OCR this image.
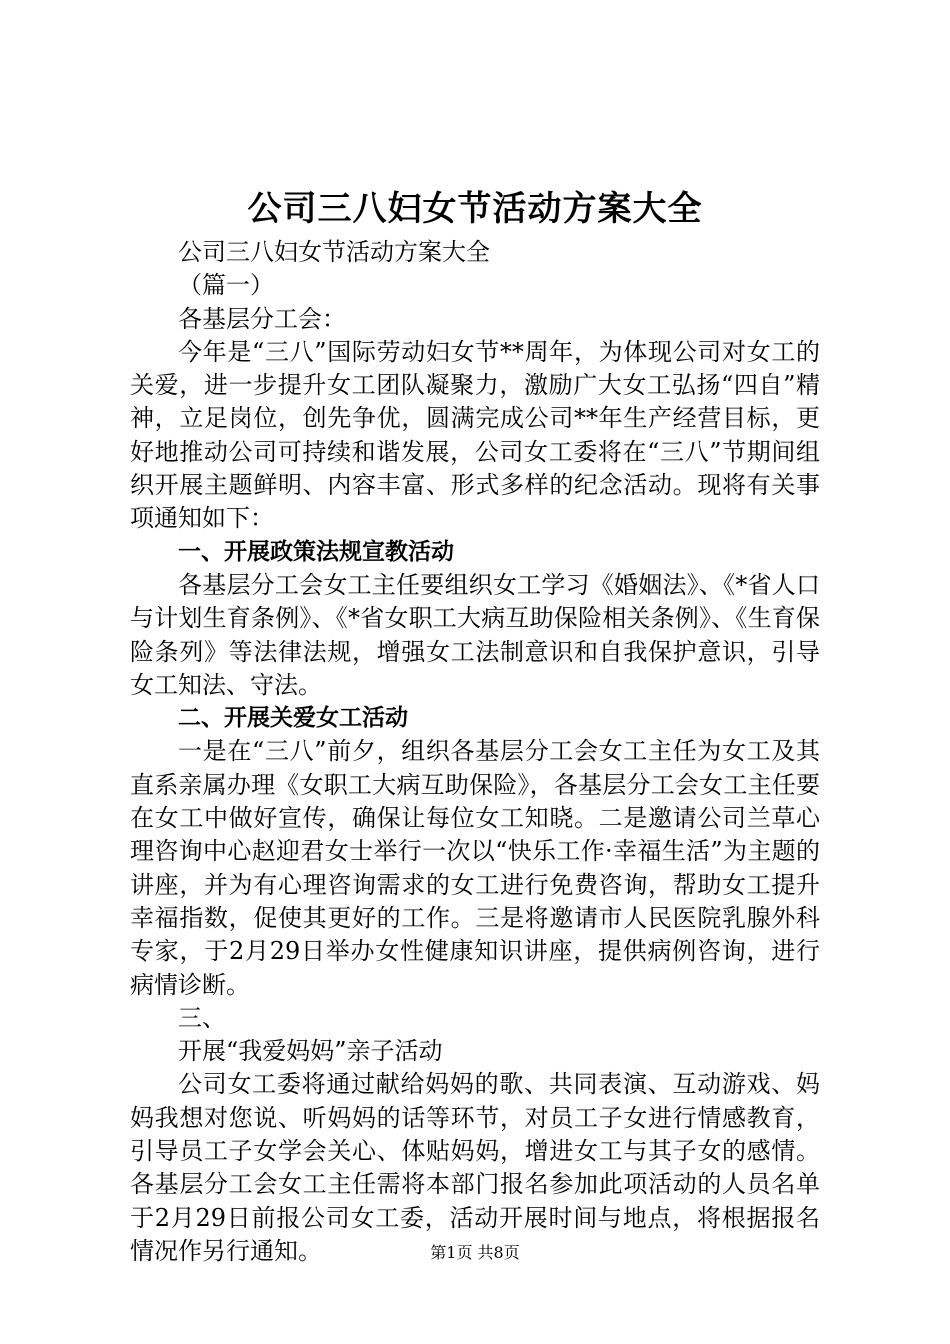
公司三八妇女节活动方案大全

公司三八妇女节活动方案大全

（篇一）

各基层分工会：

今年是“三八”国际劳动妇女节**周年，为体现公司对女工的关爱，进一步提升女工团队凝聚力，激励广大女工弘扬“四自”精神，立足岗位，创先争优，圆满完成公司**年生产经营目标，更好地推动公司可持续和谐发展，公司女工委将在“三八”节期间组织开展主题鲜明、内容丰富、形式多样的纪念活动。现将有关事项通知如下：

一、开展政策法规宣教活动

各基层分工会女工主任要组织女工学习《婚姻法》、《*省人口与计划生育条例》、《*省女职工大病互助保险相关条例》、《生育保险条列》等法律法规，增强女工法制意识和自我保护意识，引导女工知法、守法。

二、开展关爱女工活动

一是在“三八”前夕，组织各基层分工会女工主任为女工及其直系亲属办理《女职工大病互助保险》，各基层分工会女工主任要在女工中做好宣传，确保让每位女工知晓。二是邀请公司兰草心理咨询中心赵迎君女士举行一次以“快乐工作·幸福生活”为主题的讲座，并为有心理咨询需求的女工进行免费咨询，帮助女工提升幸福指数，促使其更好的工作。三是将邀请市人民医院乳腺外科专家，于2月29日举办女性健康知识讲座，提供病例咨询，进行病情诊断。

三、

开展“我爱妈妈”亲子活动

公司女工委将通过献给妈妈的歌、共同表演、互动游戏、妈妈我想对您说、听妈妈的话等环节，对员工子女进行情感教育，引导员工子女学会关心、体贴妈妈，增进女工与其子女的感情。各基层分工会女工主任需将本部门报名参加此项活动的人员名单于2月29日前报公司女工委，活动开展时间与地点，将根据报名情况作另行通知。	第1页 共8页
